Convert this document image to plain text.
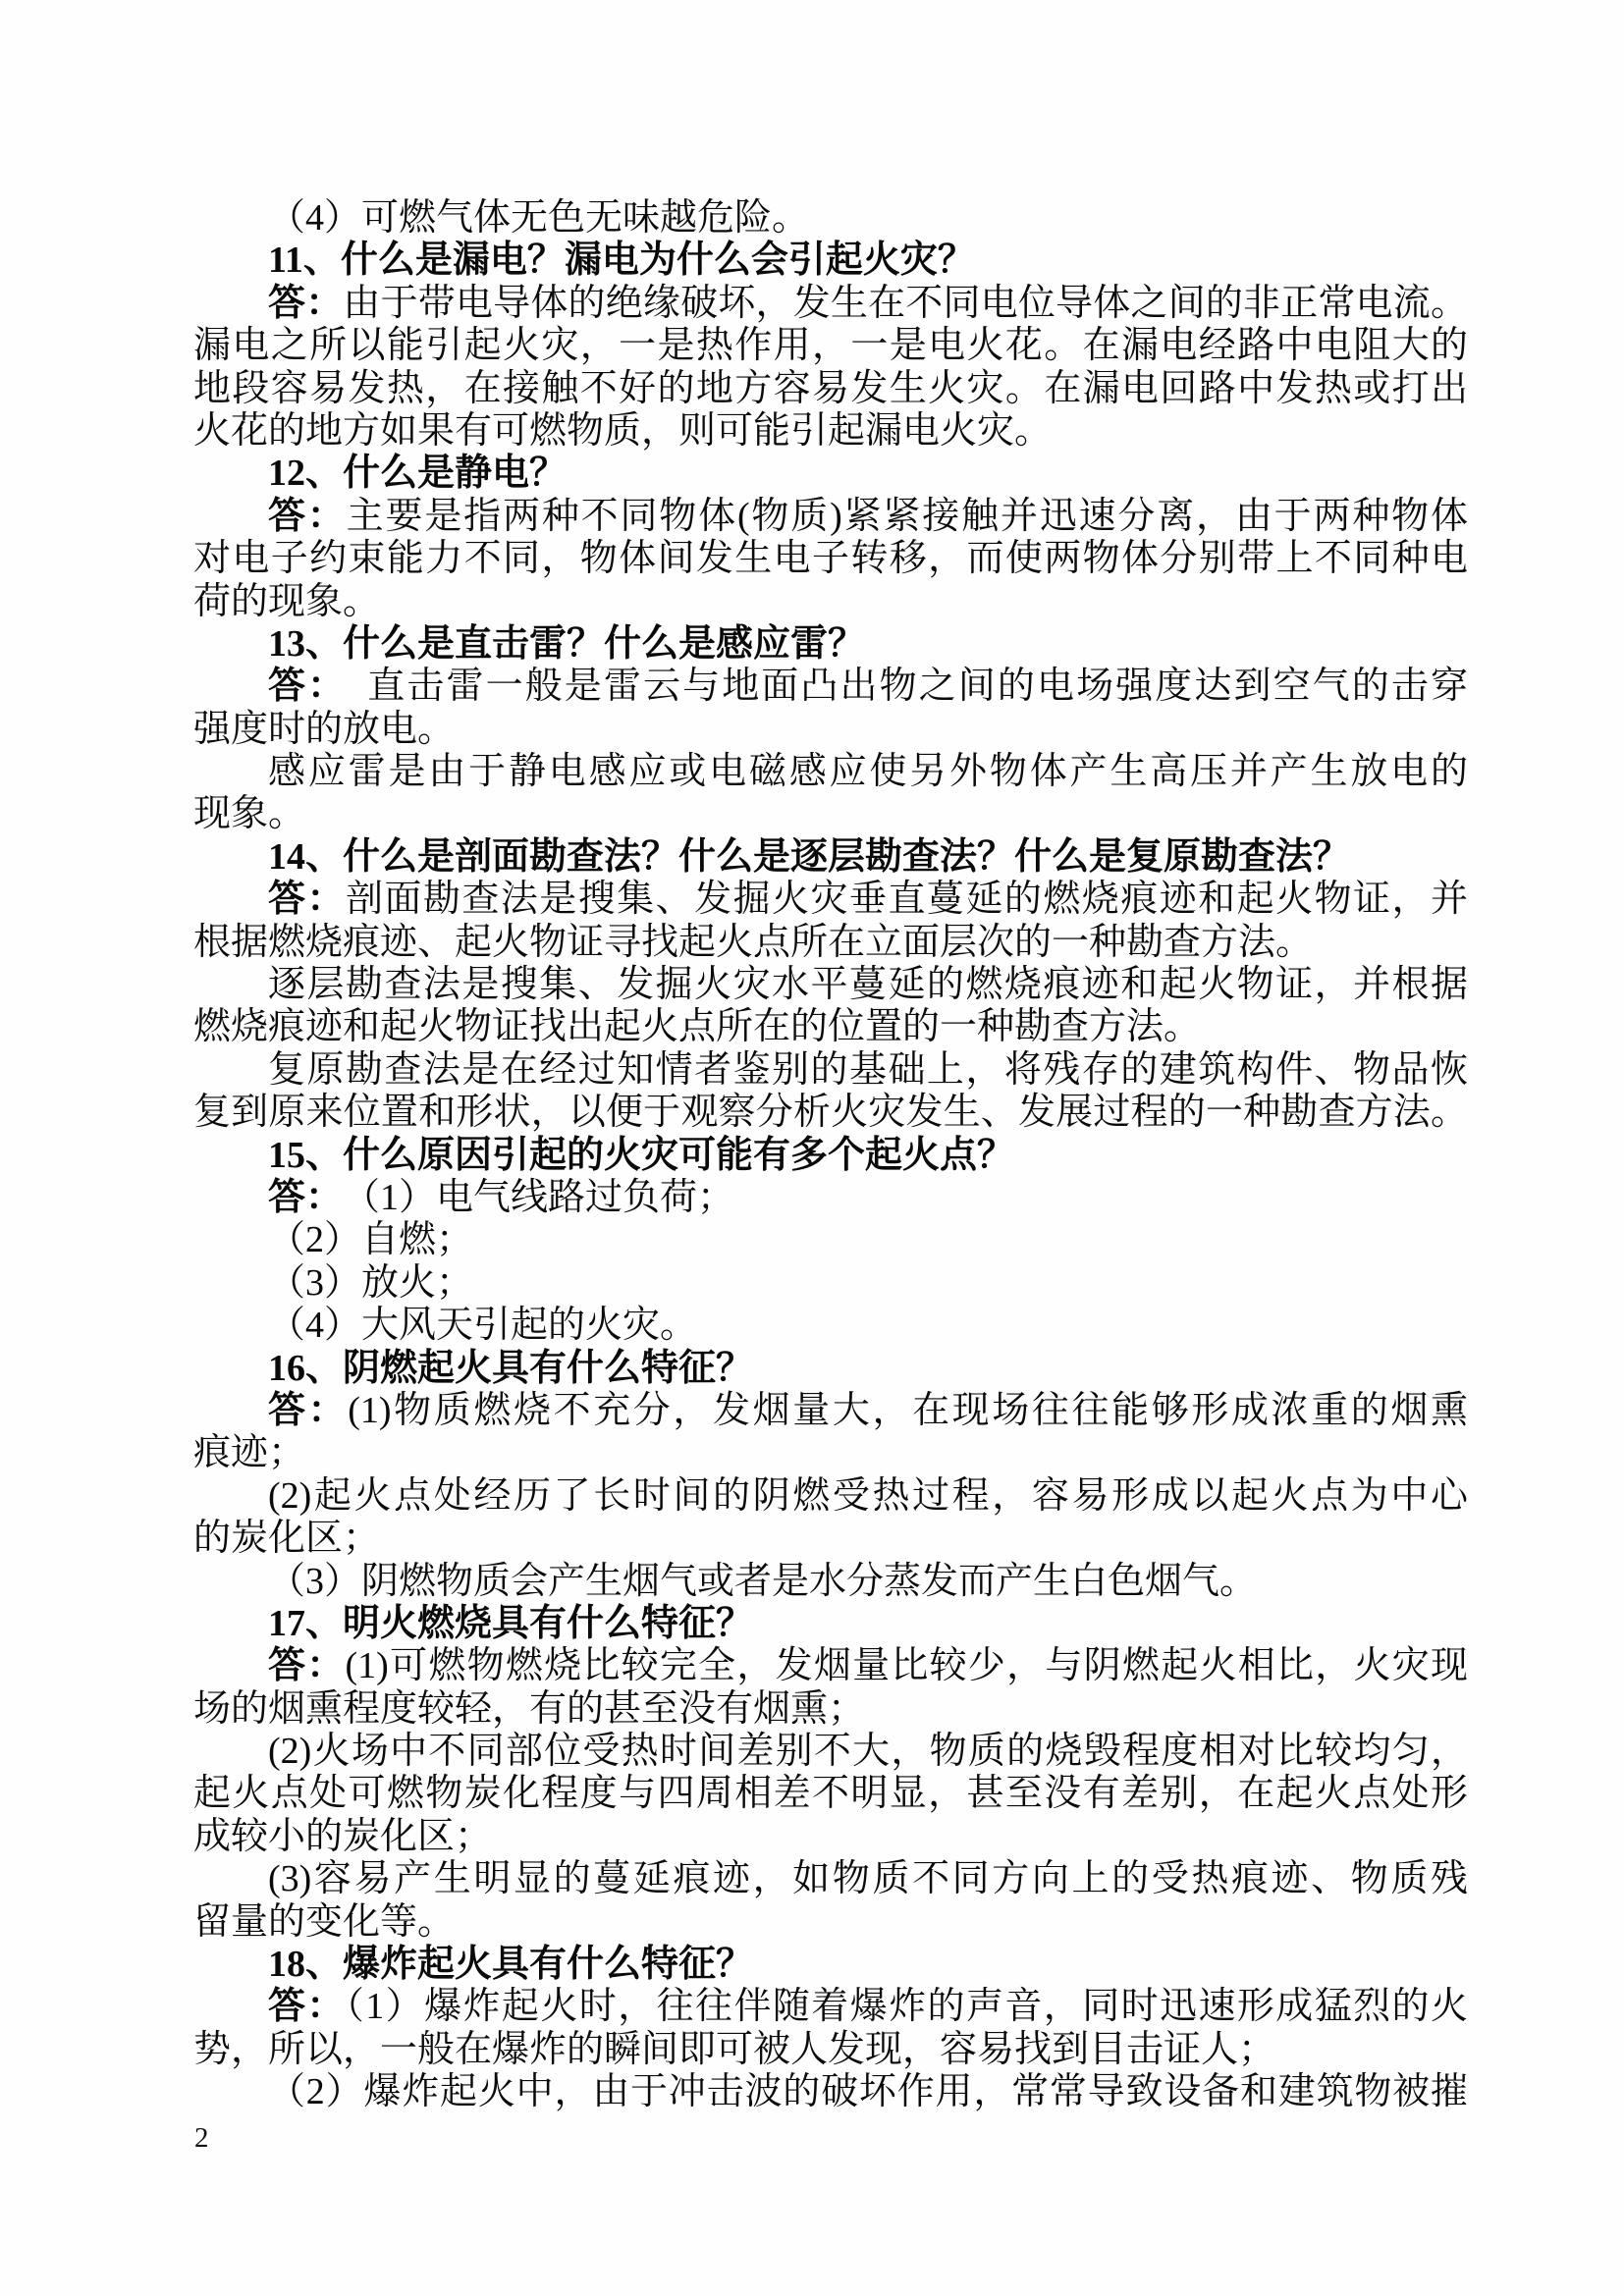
（4）可燃气体无色无味越危险。
11、什么是漏电？漏电为什么会引起火灾？
答：由于带电导体的绝缘破坏，发生在不同电位导体之间的非正常电流。
漏电之所以能引起火灾，一是热作用，一是电火花。在漏电经路中电阻大的
地段容易发热，在接触不好的地方容易发生火灾。在漏电回路中发热或打出
火花的地方如果有可燃物质，则可能引起漏电火灾。
12、什么是静电？
答：主要是指两种不同物体(物质)紧紧接触并迅速分离，由于两种物体
对电子约束能力不同，物体间发生电子转移，而使两物体分别带上不同种电
荷的现象。
13、什么是直击雷？什么是感应雷？
答：　直击雷一般是雷云与地面凸出物之间的电场强度达到空气的击穿
强度时的放电。
感应雷是由于静电感应或电磁感应使另外物体产生高压并产生放电的
现象。
14、什么是剖面勘查法？什么是逐层勘查法？什么是复原勘查法？
答：剖面勘查法是搜集、发掘火灾垂直蔓延的燃烧痕迹和起火物证，并
根据燃烧痕迹、起火物证寻找起火点所在立面层次的一种勘查方法。
逐层勘查法是搜集、发掘火灾水平蔓延的燃烧痕迹和起火物证，并根据
燃烧痕迹和起火物证找出起火点所在的位置的一种勘查方法。
复原勘查法是在经过知情者鉴别的基础上，将残存的建筑构件、物品恢
复到原来位置和形状，以便于观察分析火灾发生、发展过程的一种勘查方法。
15、什么原因引起的火灾可能有多个起火点？
答：　（1）电气线路过负荷；
（2）自燃；
（3）放火；
（4）大风天引起的火灾。
16、阴燃起火具有什么特征？
答：(1)物质燃烧不充分，发烟量大，在现场往往能够形成浓重的烟熏
痕迹；
(2)起火点处经历了长时间的阴燃受热过程，容易形成以起火点为中心
的炭化区；
（3）阴燃物质会产生烟气或者是水分蒸发而产生白色烟气。
17、明火燃烧具有什么特征？
答：(1)可燃物燃烧比较完全，发烟量比较少，与阴燃起火相比，火灾现
场的烟熏程度较轻，有的甚至没有烟熏；
(2)火场中不同部位受热时间差别不大，物质的烧毁程度相对比较均匀，
起火点处可燃物炭化程度与四周相差不明显，甚至没有差别，在起火点处形
成较小的炭化区；
(3)容易产生明显的蔓延痕迹，如物质不同方向上的受热痕迹、物质残
留量的变化等。
18、爆炸起火具有什么特征？
答：（1）爆炸起火时，往往伴随着爆炸的声音，同时迅速形成猛烈的火
势，所以，一般在爆炸的瞬间即可被人发现，容易找到目击证人；
（2）爆炸起火中，由于冲击波的破坏作用，常常导致设备和建筑物被摧
2
